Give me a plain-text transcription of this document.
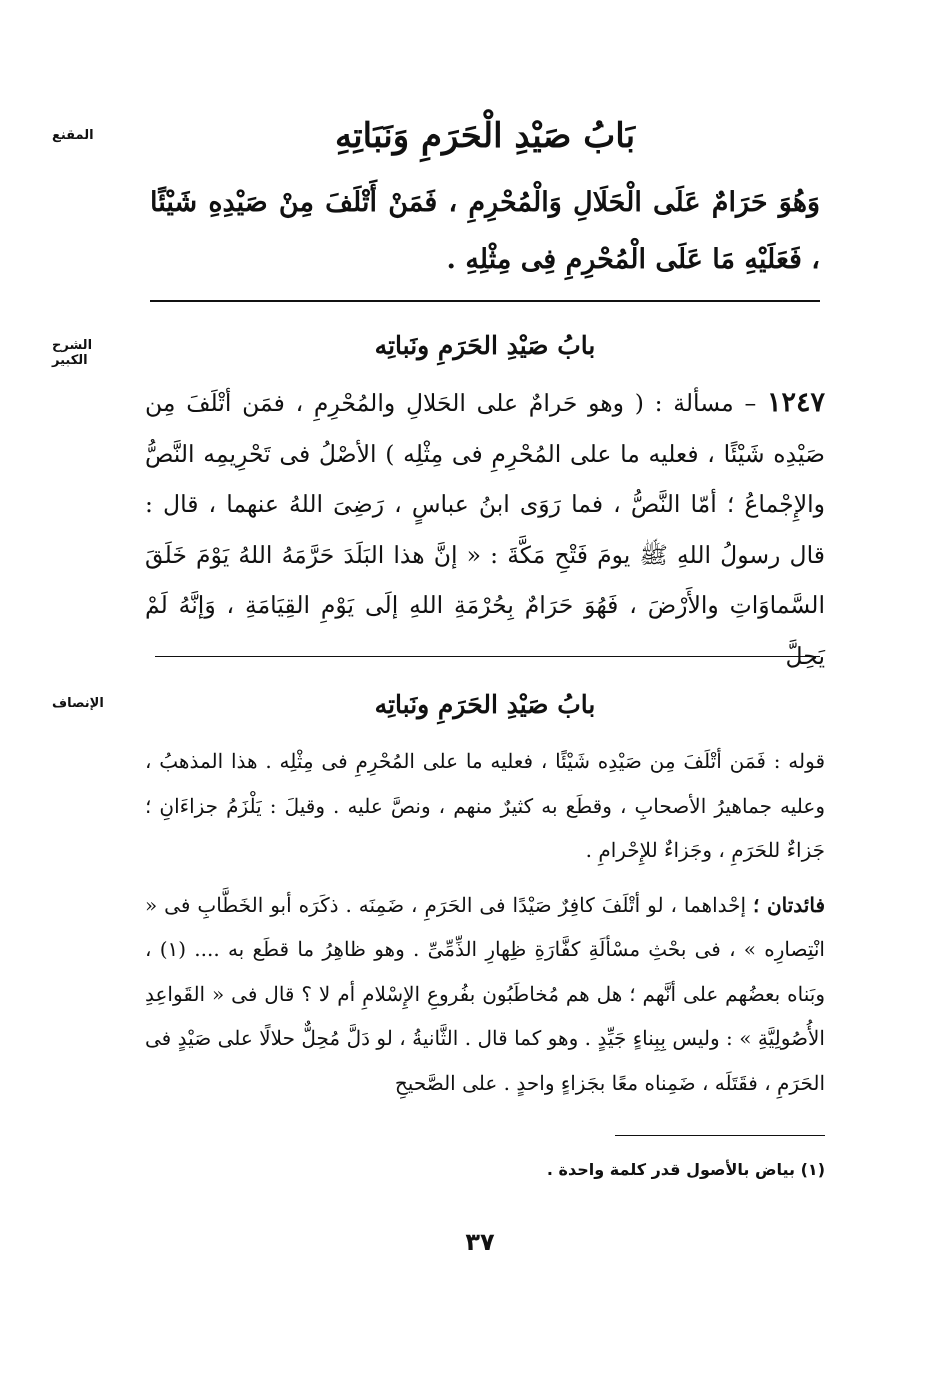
المقنع	بَابُ صَيْدِ الْحَرَمِ وَنَبَاتِهِ

وَهُوَ حَرَامٌ عَلَى الْحَلَالِ وَالْمُحْرِمِ ، فَمَنْ أَتْلَفَ مِنْ صَيْدِهِ شَيْئًا ، فَعَلَيْهِ مَا عَلَى الْمُحْرِمِ فِى مِثْلِهِ .

الشرح الكبير

بابُ صَيْدِ الحَرَمِ ونَباتِه

١٢٤٧ – مسألة : ( وهو حَرامٌ على الحَلالِ والمُحْرِمِ ، فمَن أتْلَفَ مِن صَيْدِه شَيْئًا ، فعليه ما على المُحْرِمِ فى مِثْلِه ) الأصْلُ فى تَحْرِيمِه النَّصُّ والإِجْماعُ ؛ أمّا النَّصُّ ، فما رَوَى ابنُ عباسٍ ، رَضِىَ اللهُ عنهما ، قال : قال رسولُ اللهِ ﷺ يومَ فَتْحِ مَكَّةَ : « إنَّ هذا البَلَدَ حَرَّمَهُ اللهُ يَوْمَ خَلَقَ السَّماوَاتِ والأَرْضَ ، فَهُوَ حَرَامٌ بِحُرْمَةِ اللهِ إلَى يَوْمِ القِيَامَةِ ، وَإنَّهُ لَمْ يَحِلَّ

الإنصاف	بابُ صَيْدِ الحَرَمِ ونَباتِه

قوله : فَمَن أتْلَفَ مِن صَيْدِه شَيْئًا ، فعليه ما على المُحْرِمِ فى مِثْلِه . هذا المذهبُ ، وعليه جماهيرُ الأصحابِ ، وقطَع به كثيرٌ منهم ، ونصَّ عليه . وقيلَ : يَلْزَمُ جزاءَانِ ؛ جَزاءٌ للحَرَمِ ، وجَزاءٌ للإِحْرامِ .

فائدتان ؛ إحْداهما ، لو أتْلَفَ كافِرٌ صَيْدًا فى الحَرَمِ ، ضَمِنَه . ذكَرَه أبو الخَطَّابِ فى « انْتِصارِه » ، فى بحْثِ مسْألَةِ كفَّارَةِ ظِهارِ الذِّمِّىِّ . وهو ظاهِرُ ما قطَع به .... (١) ، وبَناه بعضُهم على أنَّهم ؛ هل هم مُخاطَبُون بفُروعِ الإِسْلامِ أم لا ؟ قال فى « القَواعِدِ الأُصُولِيَّةِ » : وليس بِبِناءٍ جَيِّدٍ . وهو كما قال . الثَّانيةُ ، لو دَلَّ مُحِلٌّ حلالًا على صَيْدٍ فى الحَرَمِ ، فقَتَلَه ، ضَمِناه معًا بجَزاءٍ واحدٍ . على الصَّحيحِ

(١) بياض بالأصول قدر كلمة واحدة .
٣٧
